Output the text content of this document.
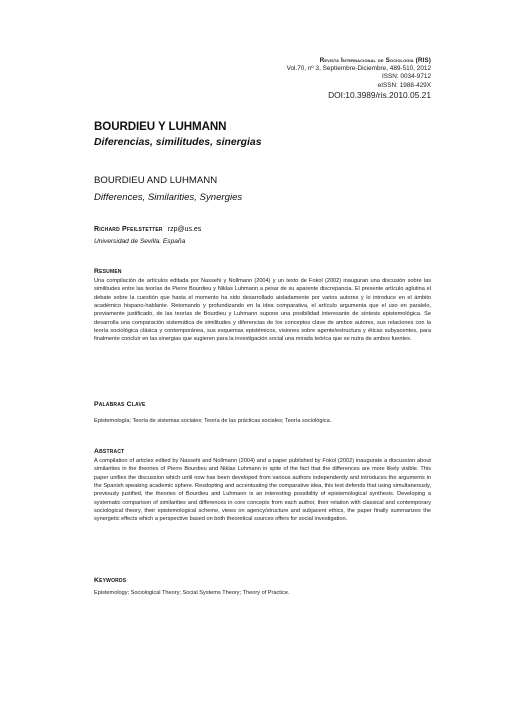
Revista Internacional de Sociología (RIS)
Vol.70, nº 3, Septiembre-Diciembre, 489-510, 2012
ISSN: 0034-9712
eISSN: 1988-429X
DOI:10.3989/ris.2010.05.21
BOURDIEU Y LUHMANN
Diferencias, similitudes, sinergias
BOURDIEU AND LUHMANN
Differences, Similarities, Synergies
Richard Pfeilstetter rzp@us.es
Universidad de Sevilla. España
Resumen
Una compilación de artículos editada por Nassehi y Nollmann (2004) y un texto de Fokol (2002) inauguran una discusión sobre las similitudes entre las teorías de Pierre Bourdieu y Niklas Luhmann a pesar de su aparente discrepancia. El presente artículo aglutina el debate sobre la cuestión que hasta el momento ha sido desarrollado aisladamente por varios autores y lo introduce en el ámbito académico hispano-hablante. Retomando y profundizando en la idea comparativa, el artículo argumenta que el uso en paralelo, previamente justificado, de las teorías de Bourdieu y Luhmann supone una posibilidad interesante de síntesis epistemológica. Se desarrolla una comparación sistemática de similitudes y diferencias de los conceptos clave de ambos autores, sus relaciones con la teoría sociológica clásica y contemporánea, sus esquemas epistémicos, visiones sobre agente/estructura y éticas subyacentes, para finalmente concluir en las sinergias que sugieren para la investigación social una mirada teórica que se nutra de ambos fuentes.
Palabras Clave
Epistemología; Teoría de sistemas sociales; Teoría de las prácticas sociales; Teoría sociológica.
Abstract
A compilation of articles edited by Nassehi and Nollmann (2004) and a paper published by Fokol (2002) inaugurate a discussion about similarities in the theories of Pierre Bourdieu and Niklas Luhmann in spite of the fact that the differences are more likely visible. This paper unifies the discussion which until now has been developed from various authors independently and introduces the arguments in the Spanish speaking academic sphere. Resdopting and accentuating the comparative idea, this text defends that using simultaneously, previously justified, the theories of Bourdieu and Luhmann is an interesting possibility of epistemological synthesis. Developing a systematic comparison of similarities and differences in core concepts from each author, their relation with classical and contemporary sociological theory, their epistemological scheme, views on agency/structure and subjacent ethics, the paper finally summarizes the synergetic effects which a perspective based on both theoretical sources offers for social investigation.
Keywords
Epistemology; Sociological Theory; Social Systems Theory; Theory of Practice.
